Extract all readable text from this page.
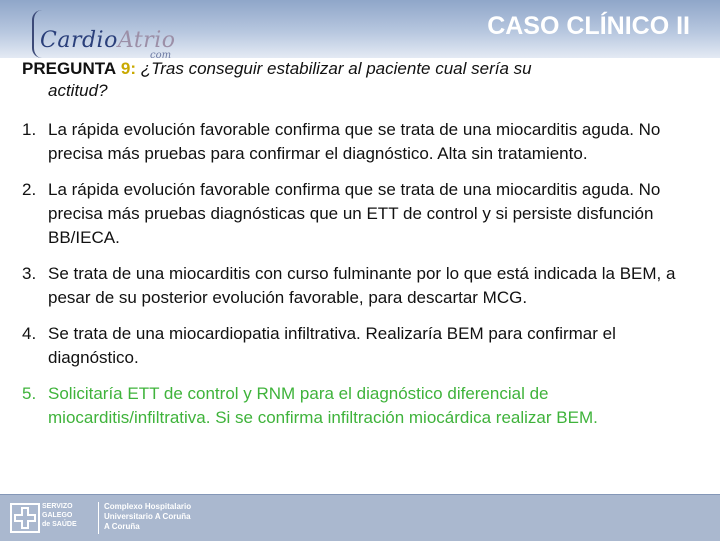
CardioAtrio
com
CASO CLÍNICO II
PREGUNTA 9: ¿Tras conseguir estabilizar al paciente cual sería su
actitud?
1. La rápida evolución favorable confirma que se trata de una miocarditis aguda. No precisa más pruebas para confirmar el diagnóstico. Alta sin tratamiento.
2. La rápida evolución favorable confirma que se trata de una miocarditis aguda. No precisa más pruebas diagnósticas que un ETT de control y si persiste disfunción BB/IECA.
3. Se trata de una miocarditis con curso fulminante por lo que está indicada la BEM, a pesar de su posterior evolución favorable, para descartar MCG.
4. Se trata de una miocardiopatia infiltrativa. Realizaría BEM para confirmar el diagnóstico.
5. Solicitaría ETT de control y RNM para el diagnóstico diferencial de miocarditis/infiltrativa. Si se confirma infiltración miocárdica realizar BEM.
SERVIZO
GALEGO
de SAÚDE
Complexo Hospitalario
Universitario A Coruña
A Coruña
